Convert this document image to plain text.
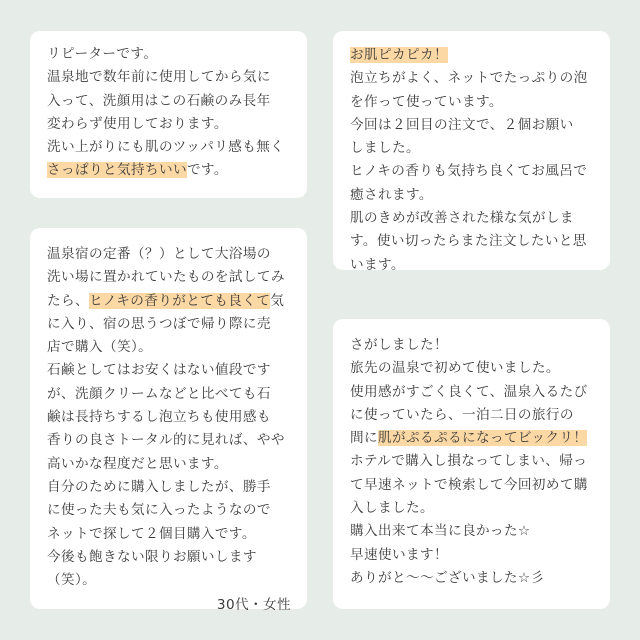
リピーターです。
温泉地で数年前に使用してから気に
入って、洗顔用はこの石鹸のみ長年
変わらず使用しております。
洗い上がりにも肌のツッパリ感も無く
さっぱりと気持ちいいです。
お肌ピカピカ！
泡立ちがよく、ネットでたっぷりの泡
を作って使っています。
今回は２回目の注文で、２個お願い
しました。
ヒノキの香りも気持ち良くてお風呂で
癒されます。
肌のきめが改善された様な気がしま
す。使い切ったらまた注文したいと思
います。
温泉宿の定番（？）として大浴場の
洗い場に置かれていたものを試してみ
たら、ヒノキの香りがとても良くて気
に入り、宿の思うつぼで帰り際に売
店で購入（笑）。
石鹸としてはお安くはない値段です
が、洗顔クリームなどと比べても石
鹸は長持ちするし泡立ちも使用感も
香りの良さトータル的に見れば、やや
高いかな程度だと思います。
自分のために購入しましたが、勝手
に使った夫も気に入ったようなので
ネットで探して２個目購入です。
今後も飽きない限りお願いします
（笑）。
30代・女性
さがしました！
旅先の温泉で初めて使いました。
使用感がすごく良くて、温泉入るたび
に使っていたら、一泊二日の旅行の
間に肌がぷるぷるになってビックリ！
ホテルで購入し損なってしまい、帰っ
て早速ネットで検索して今回初めて購
入しました。
購入出来て本当に良かった☆
早速使います！
ありがと〜〜ございました☆彡
